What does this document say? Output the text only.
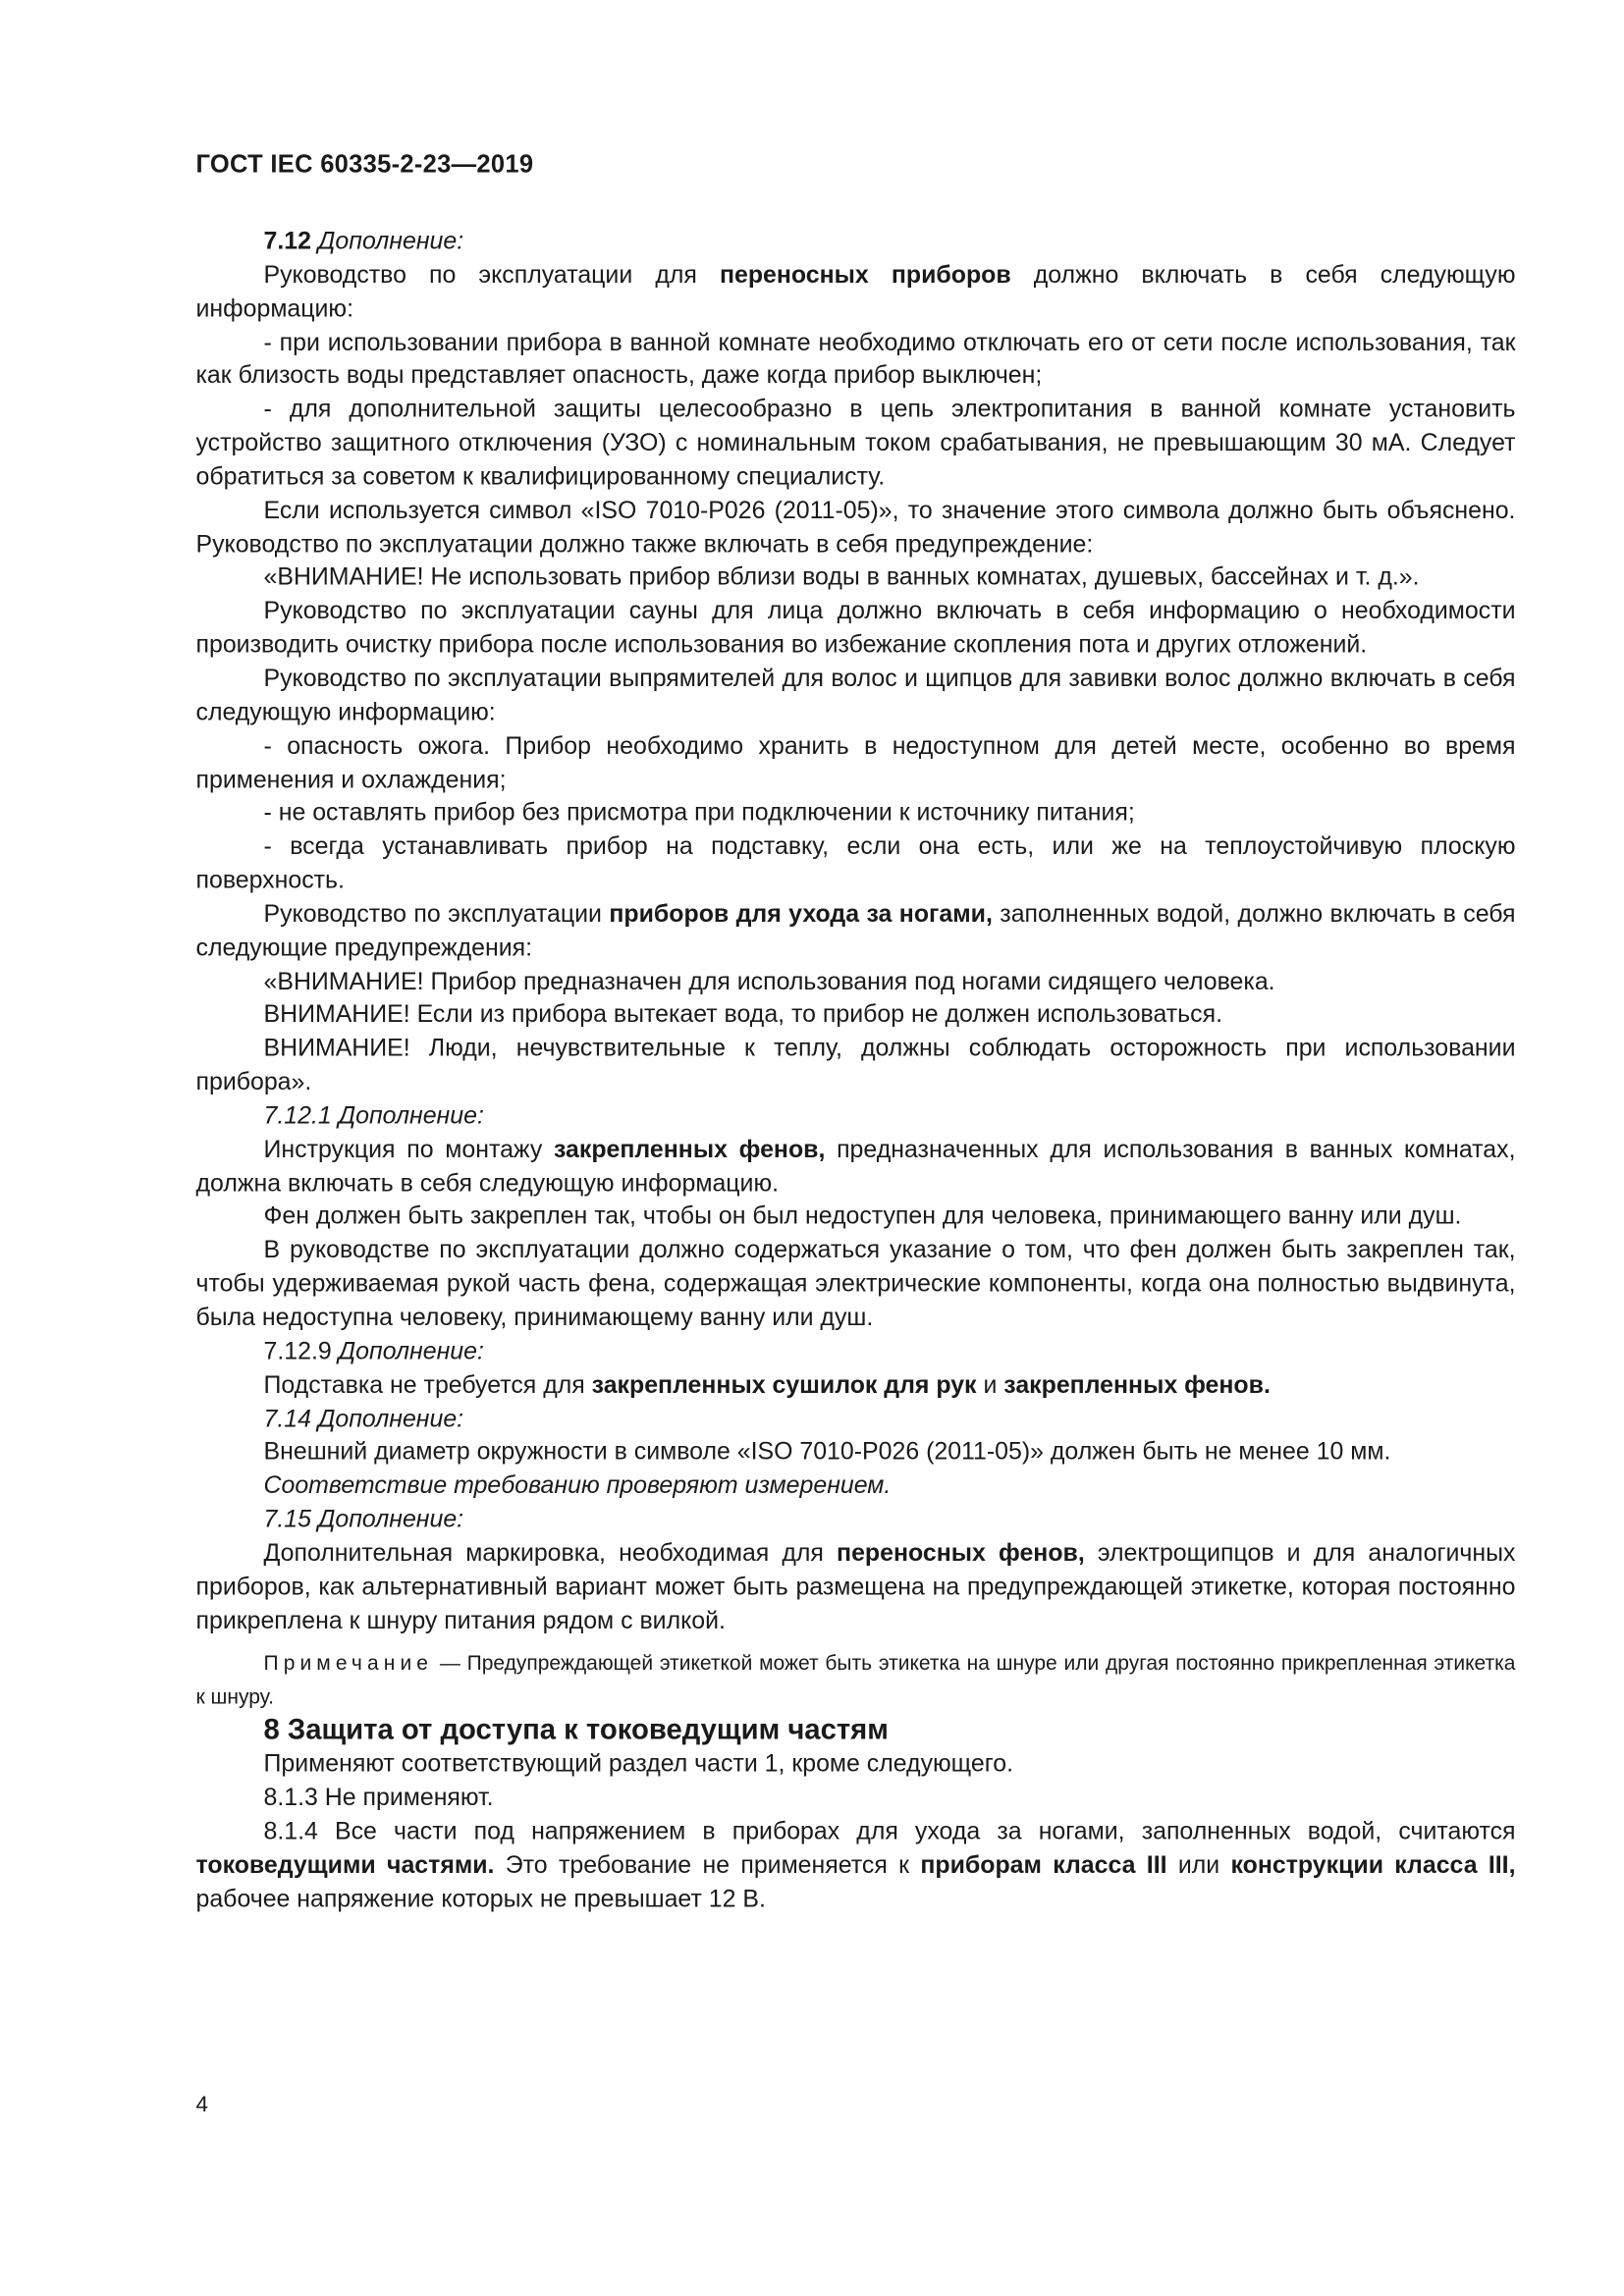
ГОСТ IEC 60335-2-23—2019

7.12 Дополнение:

Руководство по эксплуатации для переносных приборов должно включать в себя следующую информацию:

- при использовании прибора в ванной комнате необходимо отключать его от сети после использования, так как близость воды представляет опасность, даже когда прибор выключен;

- для дополнительной защиты целесообразно в цепь электропитания в ванной комнате установить устройство защитного отключения (УЗО) с номинальным током срабатывания, не превышающим 30 мА. Следует обратиться за советом к квалифицированному специалисту.

Если используется символ «ISO 7010-P026 (2011-05)», то значение этого символа должно быть объяснено. Руководство по эксплуатации должно также включать в себя предупреждение:

«ВНИМАНИЕ! Не использовать прибор вблизи воды в ванных комнатах, душевых, бассейнах и т. д.».

Руководство по эксплуатации сауны для лица должно включать в себя информацию о необходимости производить очистку прибора после использования во избежание скопления пота и других отложений.

Руководство по эксплуатации выпрямителей для волос и щипцов для завивки волос должно включать в себя следующую информацию:

- опасность ожога. Прибор необходимо хранить в недоступном для детей месте, особенно во время применения и охлаждения;

- не оставлять прибор без присмотра при подключении к источнику питания;

- всегда устанавливать прибор на подставку, если она есть, или же на теплоустойчивую плоскую поверхность.

Руководство по эксплуатации приборов для ухода за ногами, заполненных водой, должно включать в себя следующие предупреждения:

«ВНИМАНИЕ! Прибор предназначен для использования под ногами сидящего человека.

ВНИМАНИЕ! Если из прибора вытекает вода, то прибор не должен использоваться.

ВНИМАНИЕ! Люди, нечувствительные к теплу, должны соблюдать осторожность при использовании прибора».

7.12.1 Дополнение:

Инструкция по монтажу закрепленных фенов, предназначенных для использования в ванных комнатах, должна включать в себя следующую информацию.

Фен должен быть закреплен так, чтобы он был недоступен для человека, принимающего ванну или душ.

В руководстве по эксплуатации должно содержаться указание о том, что фен должен быть закреплен так, чтобы удерживаемая рукой часть фена, содержащая электрические компоненты, когда она полностью выдвинута, была недоступна человеку, принимающему ванну или душ.

7.12.9 Дополнение:

Подставка не требуется для закрепленных сушилок для рук и закрепленных фенов.

7.14 Дополнение:

Внешний диаметр окружности в символе «ISO 7010-P026 (2011-05)» должен быть не менее 10 мм.

Соответствие требованию проверяют измерением.

7.15 Дополнение:

Дополнительная маркировка, необходимая для переносных фенов, электрощипцов и для аналогичных приборов, как альтернативный вариант может быть размещена на предупреждающей этикетке, которая постоянно прикреплена к шнуру питания рядом с вилкой.

Примечание — Предупреждающей этикеткой может быть этикетка на шнуре или другая постоянно прикрепленная этикетка к шнуру.

8 Защита от доступа к токоведущим частям

Применяют соответствующий раздел части 1, кроме следующего.

8.1.3 Не применяют.

8.1.4 Все части под напряжением в приборах для ухода за ногами, заполненных водой, считаются токоведущими частями. Это требование не применяется к приборам класса III или конструкции класса III, рабочее напряжение которых не превышает 12 В.

4
